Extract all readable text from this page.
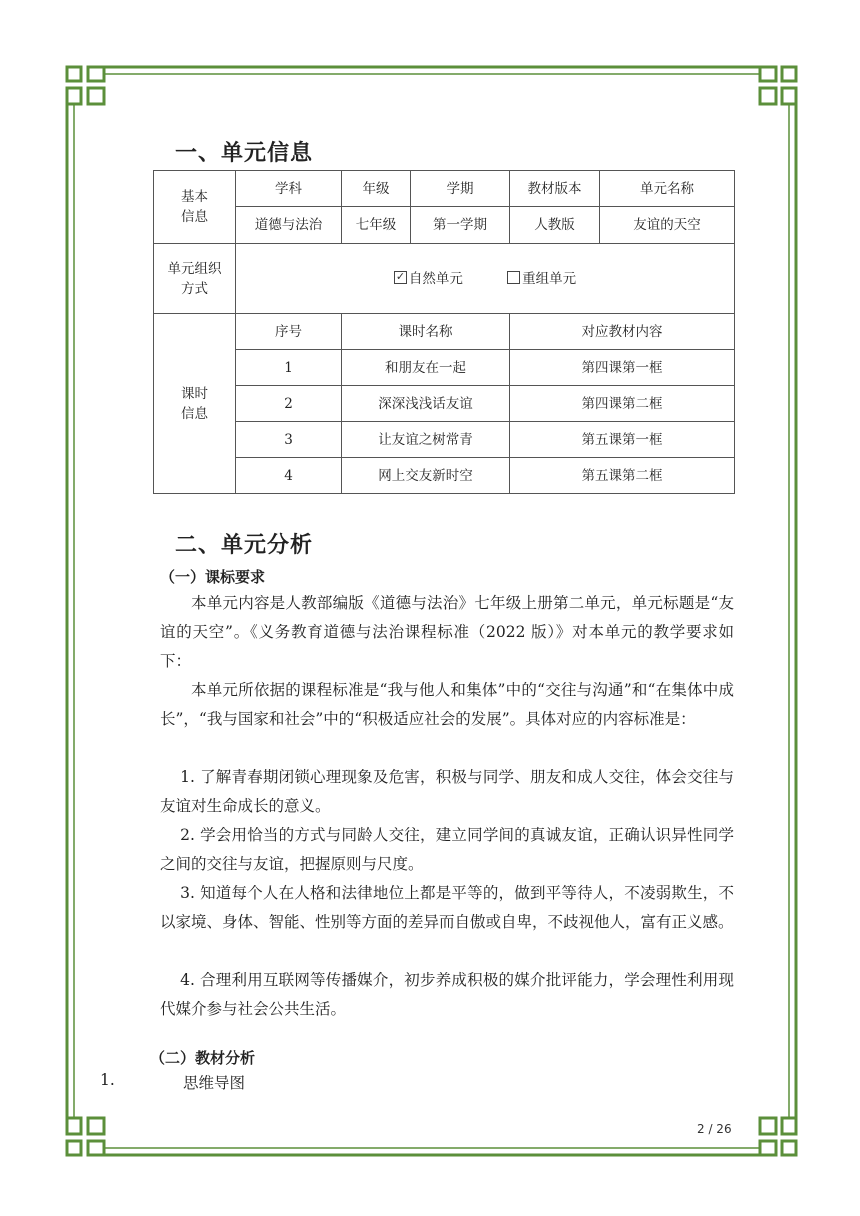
一、单元信息
基本
信息	学科	年级	学期	教材版本	单元名称
	道德与法治	七年级	第一学期	人教版	友谊的天空

单元组织
方式
	✓自然单元 重组单元

课时
信息	序号	课时名称		对应教材内容	
	1	和朋友在一起		第四课第一框	
	2	深深浅浅话友谊		第四课第二框	
	3	让友谊之树常青		第五课第一框	
	4	网上交友新时空		第五课第二框	
二、单元分析
（一）课标要求

本单元内容是人教部编版《道德与法治》七年级上册第二单元，单元标题是“友谊的天空”。《义务教育道德与法治课程标准（2022 版）》对本单元的教学要求如下：

本单元所依据的课程标准是“我与他人和集体”中的“交往与沟通”和“在集体中成长”，“我与国家和社会”中的“积极适应社会的发展”。具体对应的内容标准是：

1. 了解青春期闭锁心理现象及危害，积极与同学、朋友和成人交往，体会交往与友谊对生命成长的意义。

2. 学会用恰当的方式与同龄人交往，建立同学间的真诚友谊，正确认识异性同学之间的交往与友谊，把握原则与尺度。

3. 知道每个人在人格和法律地位上都是平等的，做到平等待人，不凌弱欺生，不以家境、身体、智能、性别等方面的差异而自傲或自卑，不歧视他人，富有正义感。

4. 合理利用互联网等传播媒介，初步养成积极的媒介批评能力，学会理性利用现代媒介参与社会公共生活。

（二）教材分析
1.	思维导图
2 / 26
